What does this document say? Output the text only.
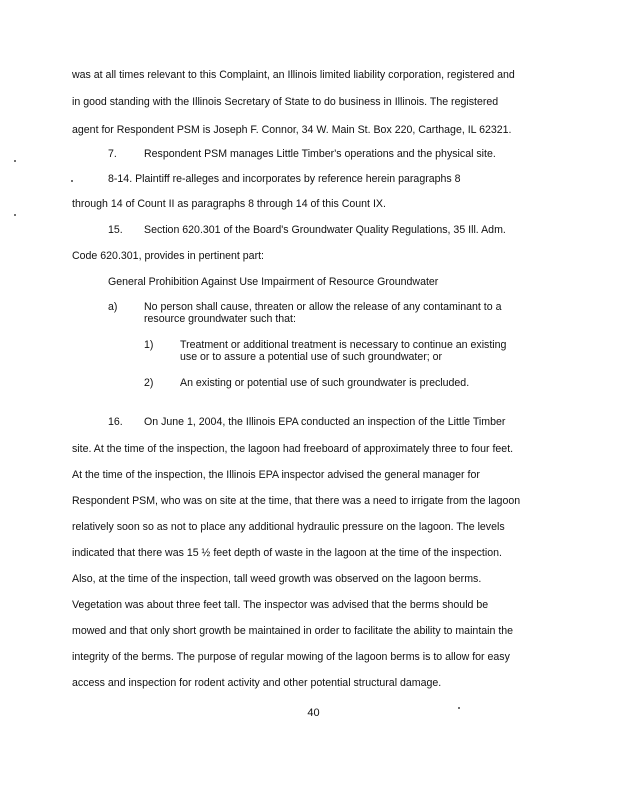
was at all times relevant to this Complaint, an Illinois limited liability corporation, registered and
in good standing with the Illinois Secretary of State to do business in Illinois. The registered
agent for Respondent PSM is Joseph F. Connor, 34 W. Main St. Box 220, Carthage, IL 62321.
7.	Respondent PSM manages Little Timber's operations and the physical site.
8-14. Plaintiff re-alleges and incorporates by reference herein paragraphs 8
through 14 of Count II as paragraphs 8 through 14 of this Count IX.
15. Section 620.301 of the Board's Groundwater Quality Regulations, 35 Ill. Adm.
Code 620.301, provides in pertinent part:
General Prohibition Against Use Impairment of Resource Groundwater
a)	No person shall cause, threaten or allow the release of any contaminant to a
resource groundwater such that:
1)	Treatment or additional treatment is necessary to continue an existing
use or to assure a potential use of such groundwater; or
2)	An existing or potential use of such groundwater is precluded.
16. On June 1, 2004, the Illinois EPA conducted an inspection of the Little Timber
site. At the time of the inspection, the lagoon had freeboard of approximately three to four feet.
At the time of the inspection, the Illinois EPA inspector advised the general manager for
Respondent PSM, who was on site at the time, that there was a need to irrigate from the lagoon
relatively soon so as not to place any additional hydraulic pressure on the lagoon. The levels
indicated that there was 15 ½ feet depth of waste in the lagoon at the time of the inspection.
Also, at the time of the inspection, tall weed growth was observed on the lagoon berms.
Vegetation was about three feet tall. The inspector was advised that the berms should be
mowed and that only short growth be maintained in order to facilitate the ability to maintain the
integrity of the berms. The purpose of regular mowing of the lagoon berms is to allow for easy
access and inspection for rodent activity and other potential structural damage.
40
